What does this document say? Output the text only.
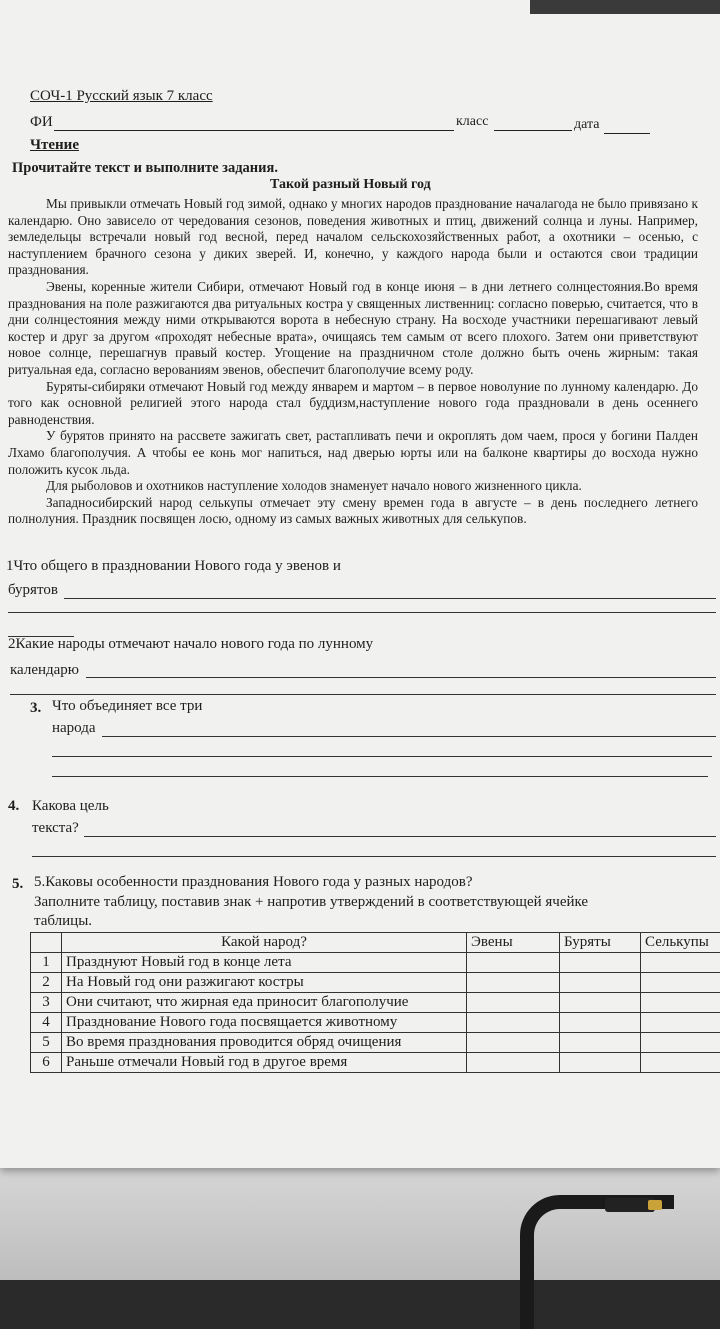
СОЧ-1 Русский язык 7 класс
ФИ	класс	дата
Чтение
Прочитайте текст и выполните задания.
Такой разный Новый год

Мы привыкли отмечать Новый год зимой, однако у многих народов празднование началагода не было привязано к календарю. Оно зависело от чередования сезонов, поведения животных и птиц, движений солнца и луны. Например, земледельцы встречали новый год весной, перед началом сельскохозяйственных работ, а охотники – осенью, с наступлением брачного сезона у диких зверей. И, конечно, у каждого народа были и остаются свои традиции празднования.

Эвены, коренные жители Сибири, отмечают Новый год в конце июня – в дни летнего солнцестояния.Во время празднования на поле разжигаются два ритуальных костра у священных лиственниц: согласно поверью, считается, что в дни солнцестояния между ними открываются ворота в небесную страну. На восходе участники перешагивают левый костер и друг за другом «проходят небесные врата», очищаясь тем самым от всего плохого. Затем они приветствуют новое солнце, перешагнув правый костер. Угощение на праздничном столе должно быть очень жирным: такая ритуальная еда, согласно верованиям эвенов, обеспечит благополучие всему роду.

Буряты-сибиряки отмечают Новый год между январем и мартом – в первое новолуние по лунному календарю. До того как основной религией этого народа стал буддизм,наступление нового года праздновали в день осеннего равноденствия.

У бурятов принято на рассвете зажигать свет, растапливать печи и окроплять дом чаем, прося у богини Палден Лхамо благополучия. А чтобы ее конь мог напиться, над дверью юрты или на балконе квартиры до восхода нужно положить кусок льда.

Для рыболовов и охотников наступление холодов знаменует начало нового жизненного цикла.

Западносибирский народ селькупы отмечает эту смену времен года в августе – в день последнего летнего полнолуния. Праздник посвящен лосю, одному из самых важных животных для селькупов.

1Что общего в праздновании Нового года у эвенов и
бурятов
2Какие народы отмечают начало нового года по лунному
календарю
3. Что объединяет все три
народа
4. Какова цель
текста?
5. 5.Каковы особенности празднования Нового года у разных народов?
Заполните таблицу, поставив знак + напротив утверждений в соответствующей ячейке
таблицы.
	Какой народ?	Эвены	Буряты	Селькупы
1	Празднуют Новый год в конце лета			
2	На Новый год они разжигают костры			
3	Они считают, что жирная еда приносит благополучие			
4	Празднование Нового года посвящается животному			
5	Во время празднования проводится обряд очищения			
6	Раньше отмечали Новый год в другое время			
